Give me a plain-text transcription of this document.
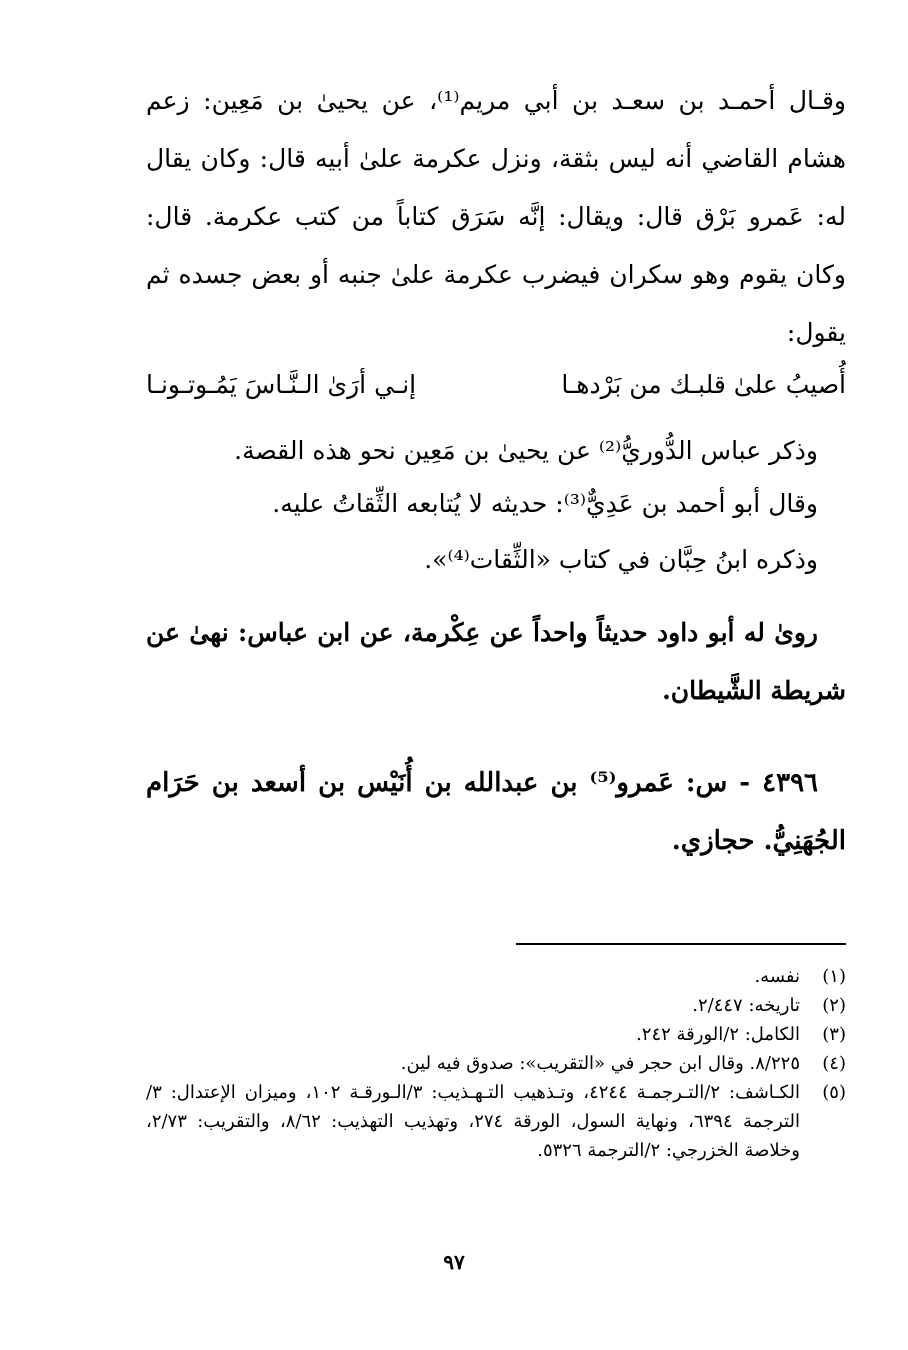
وقـال أحمـد بن سعـد بن أبي مريم⁽¹⁾، عن يحيىٰ بن مَعِين: زعم هشام القاضي أنه ليس بثقة، ونزل عكرمة علىٰ أبيه قال: وكان يقال له: عَمرو بَرْق قال: ويقال: إنَّه سَرَق كتاباً من كتب عكرمة. قال: وكان يقوم وهو سكران فيضرب عكرمة علىٰ جنبه أو بعض جسده ثم يقول:

أُصيبُ علىٰ قلبـك من بَرْدهـا
إنـي أرَىٰ الـنَّـاسَ يَمُـوتـونـا

وذكر عباس الدُّوريُّ⁽²⁾ عن يحيىٰ بن مَعِين نحو هذه القصة.

وقال أبو أحمد بن عَدِيٌّ⁽³⁾: حديثه لا يُتابعه الثِّقاتُ عليه.

وذكره ابنُ حِبَّان في كتاب «الثِّقات⁽⁴⁾».

روىٰ له أبو داود حديثاً واحداً عن عِكْرمة، عن ابن عباس: نهىٰ عن شريطة الشَّيطان.

٤٣٩٦ - س: عَمرو⁽⁵⁾ بن عبدالله بن أُنَيْس بن أسعد بن حَرَام الجُهَنِيُّ. حجازي.

(١)
نفسه.
(٢)
تاريخه: ٢/٤٤٧.
(٣)
الكامل: ٢/الورقة ٢٤٢.
(٤)
٨/٢٢٥. وقال ابن حجر في «التقريب»: صدوق فيه لين.
(٥)
الكـاشف: ٢/التـرجمـة ٤٢٤٤، وتـذهيب التـهـذيب: ٣/الـورقـة ١٠٢، وميزان الإعتدال: ٣/الترجمة ٦٣٩٤، ونهاية السول، الورقة ٢٧٤، وتهذيب التهذيب: ٨/٦٢، والتقريب: ٢/٧٣، وخلاصة الخزرجي: ٢/الترجمة ٥٣٢٦.
٩٧
